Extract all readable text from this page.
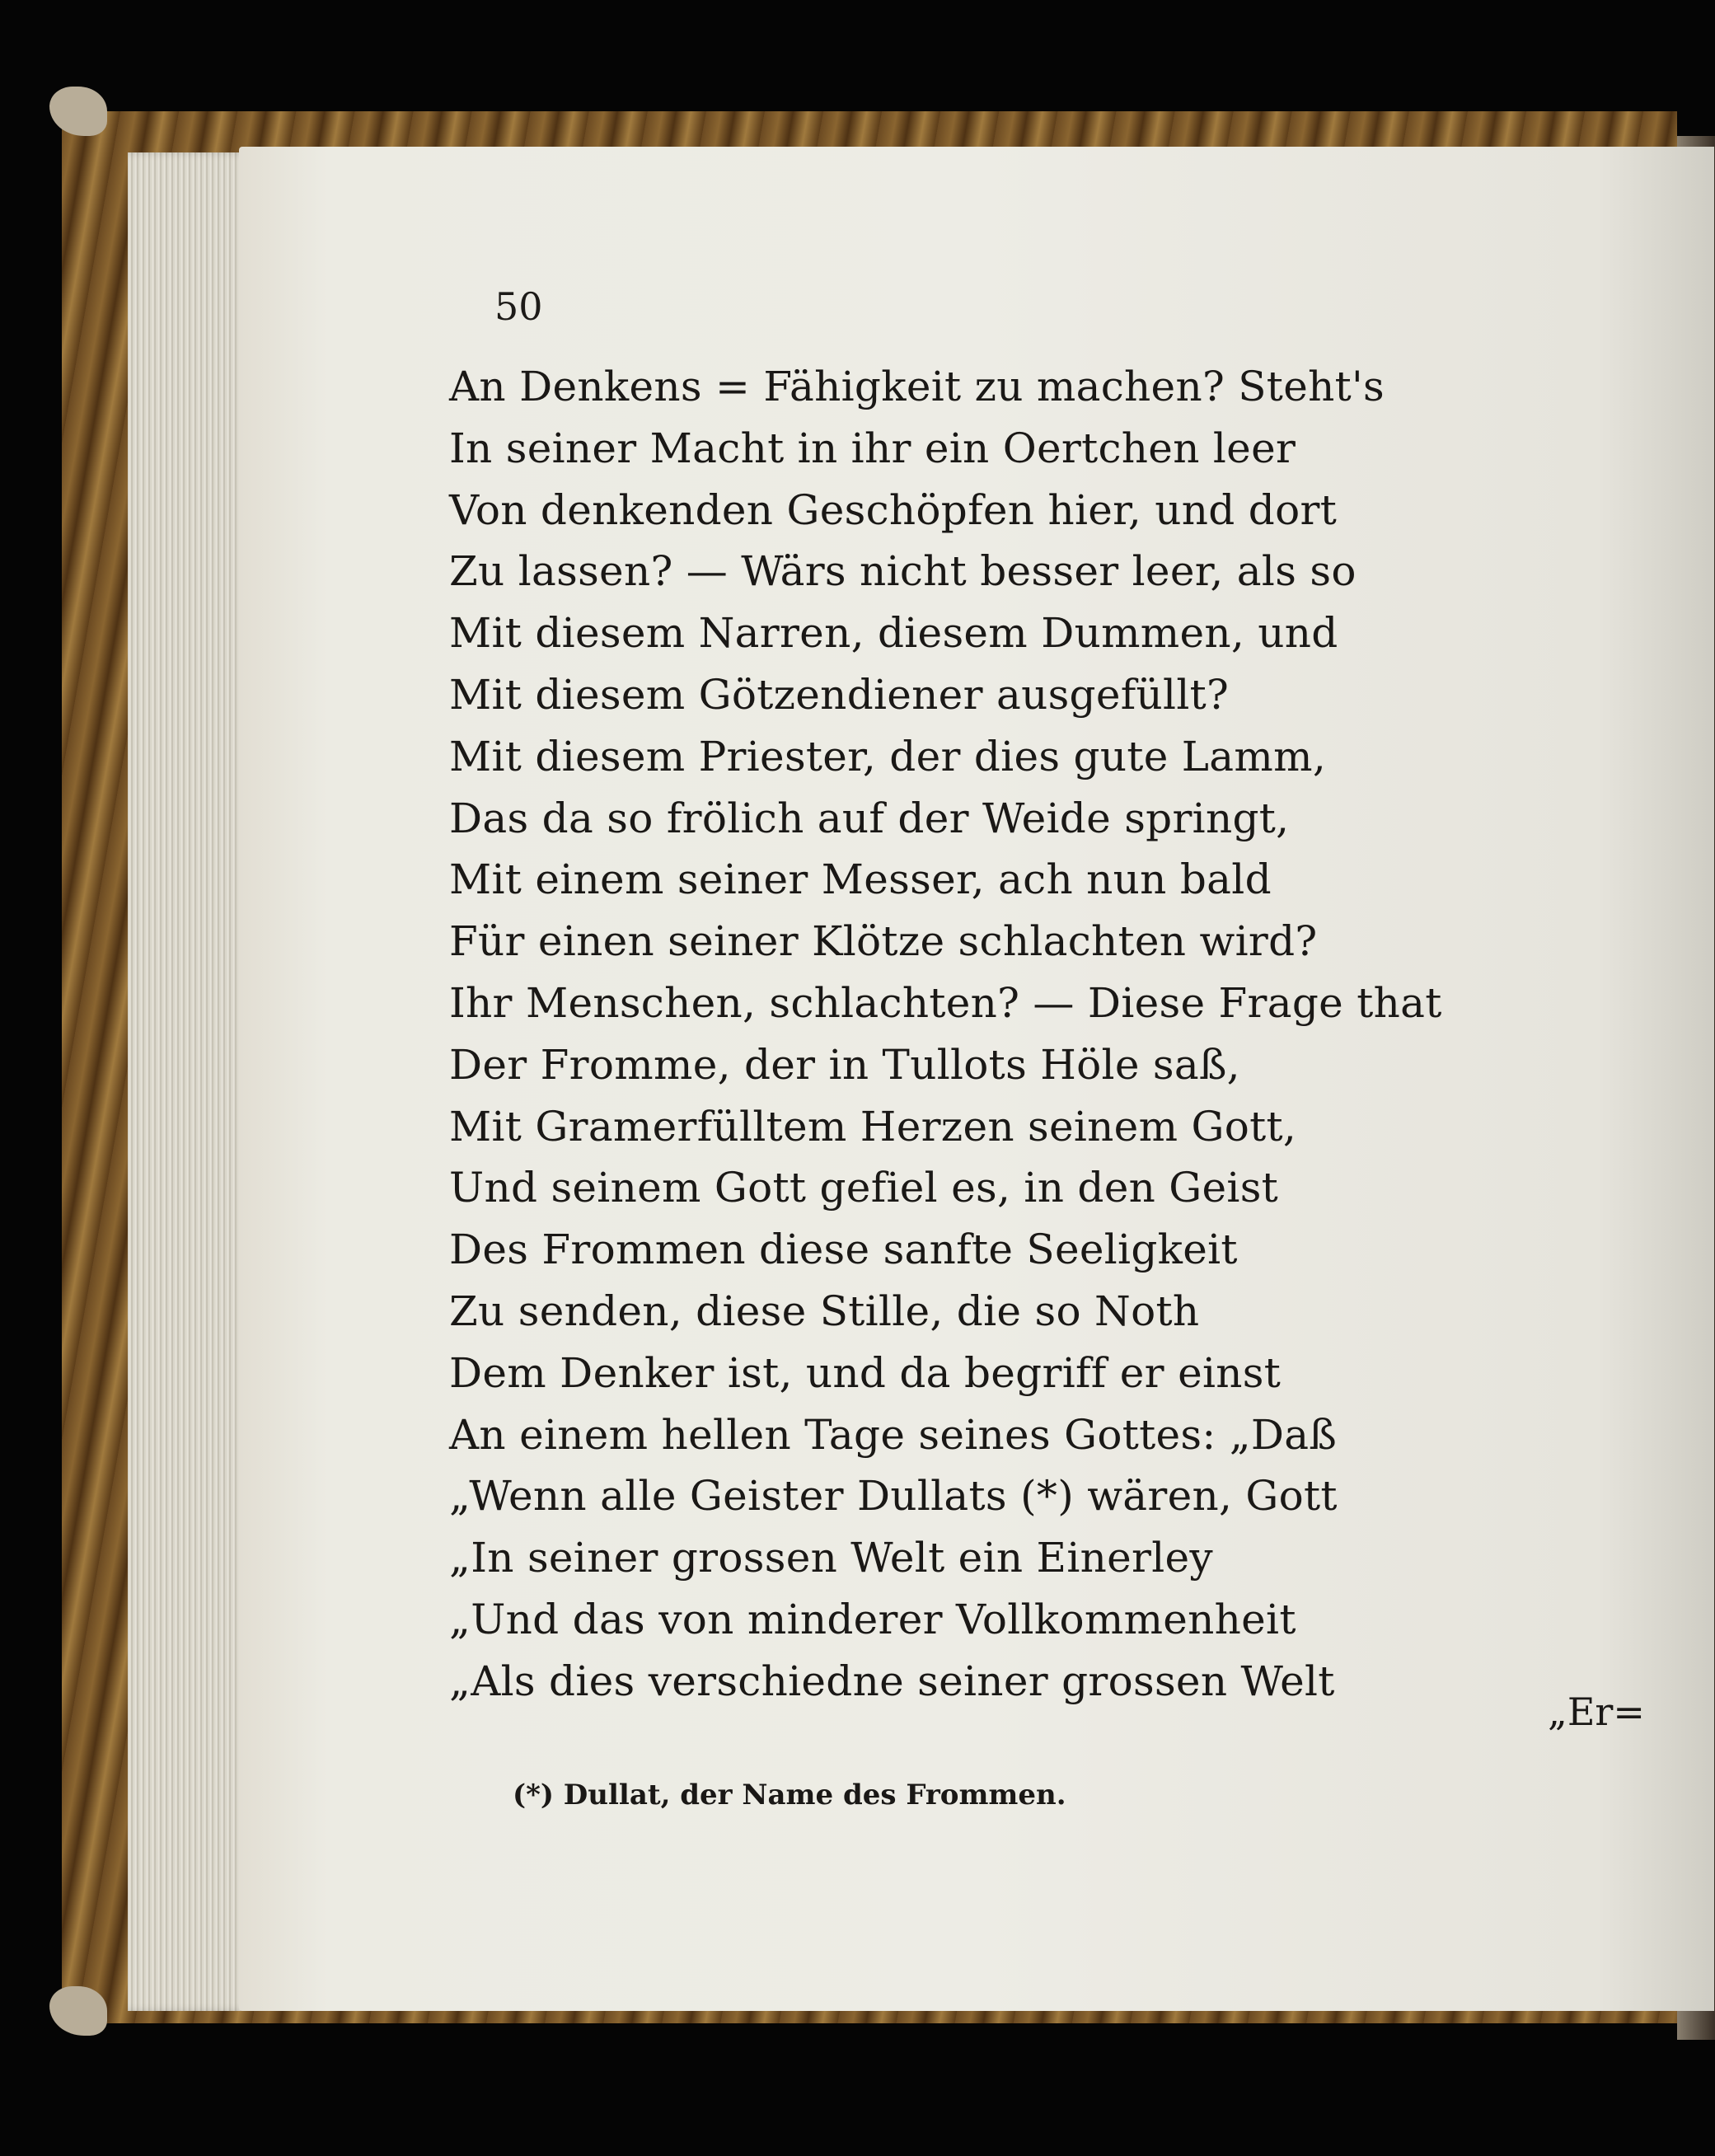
50
An Denkens = Fähigkeit zu machen? Steht's
In seiner Macht in ihr ein Oertchen leer
Von denkenden Geschöpfen hier, und dort
Zu lassen? — Wärs nicht besser leer, als so
Mit diesem Narren, diesem Dummen, und
Mit diesem Götzendiener ausgefüllt?
Mit diesem Priester, der dies gute Lamm,
Das da so frölich auf der Weide springt,
Mit einem seiner Messer, ach nun bald
Für einen seiner Klötze schlachten wird?
Ihr Menschen, schlachten? — Diese Frage that
Der Fromme, der in Tullots Höle saß,
Mit Gramerfülltem Herzen seinem Gott,
Und seinem Gott gefiel es, in den Geist
Des Frommen diese sanfte Seeligkeit
Zu senden, diese Stille, die so Noth
Dem Denker ist, und da begriff er einst
An einem hellen Tage seines Gottes: „Daß
„Wenn alle Geister Dullats (*) wären, Gott
„In seiner grossen Welt ein Einerley
„Und das von minderer Vollkommenheit
„Als dies verschiedne seiner grossen Welt
„Er=
(*) Dullat, der Name des Frommen.
